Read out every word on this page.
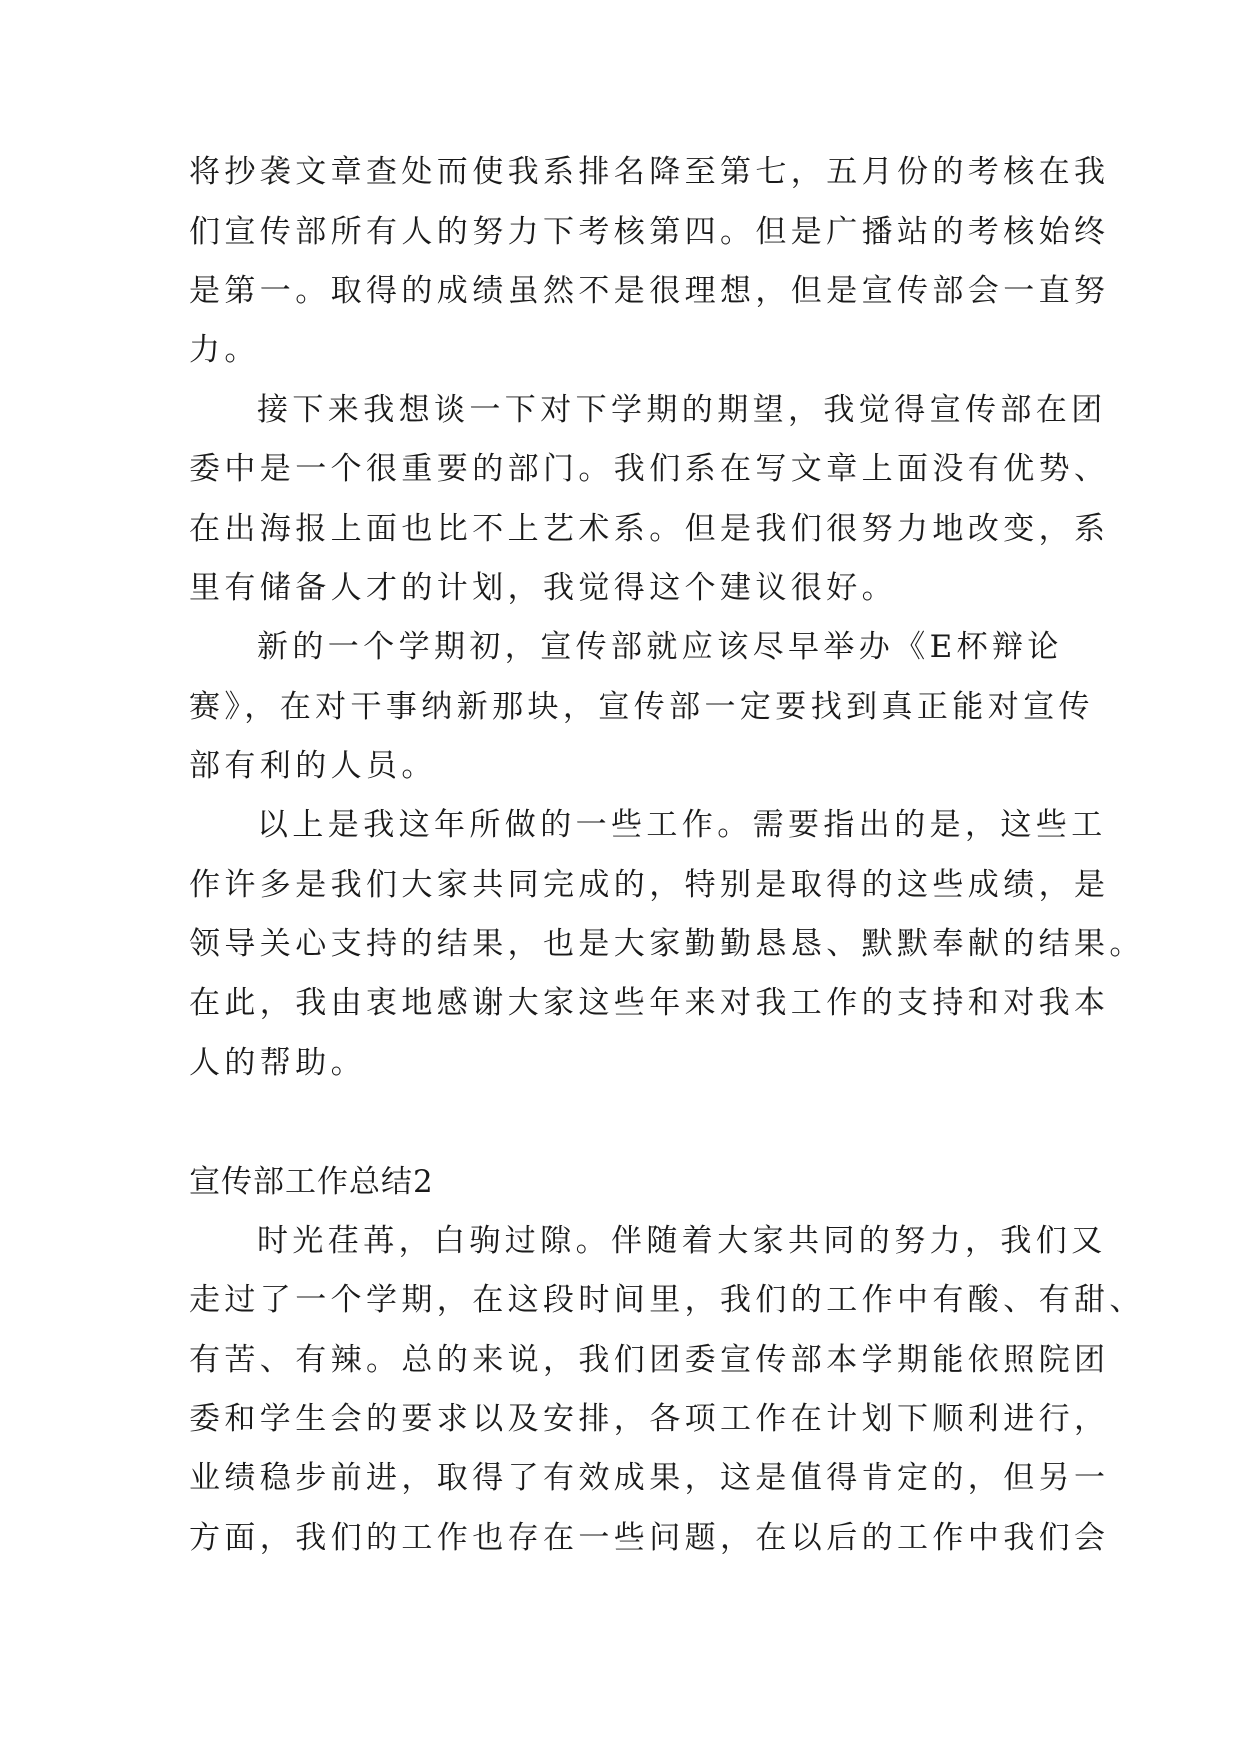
将抄袭文章查处而使我系排名降至第七，五月份的考核在我
们宣传部所有人的努力下考核第四。但是广播站的考核始终
是第一。取得的成绩虽然不是很理想，但是宣传部会一直努
力。
接下来我想谈一下对下学期的期望，我觉得宣传部在团
委中是一个很重要的部门。我们系在写文章上面没有优势、
在出海报上面也比不上艺术系。但是我们很努力地改变，系
里有储备人才的计划，我觉得这个建议很好。
新的一个学期初，宣传部就应该尽早举办《E杯辩论
赛》，在对干事纳新那块，宣传部一定要找到真正能对宣传
部有利的人员。
以上是我这年所做的一些工作。需要指出的是，这些工
作许多是我们大家共同完成的，特别是取得的这些成绩，是
领导关心支持的结果，也是大家勤勤恳恳、默默奉献的结果。
在此，我由衷地感谢大家这些年来对我工作的支持和对我本
人的帮助。
宣传部工作总结2
时光荏苒，白驹过隙。伴随着大家共同的努力，我们又
走过了一个学期，在这段时间里，我们的工作中有酸、有甜、
有苦、有辣。总的来说，我们团委宣传部本学期能依照院团
委和学生会的要求以及安排，各项工作在计划下顺利进行，
业绩稳步前进，取得了有效成果，这是值得肯定的，但另一
方面，我们的工作也存在一些问题，在以后的工作中我们会
